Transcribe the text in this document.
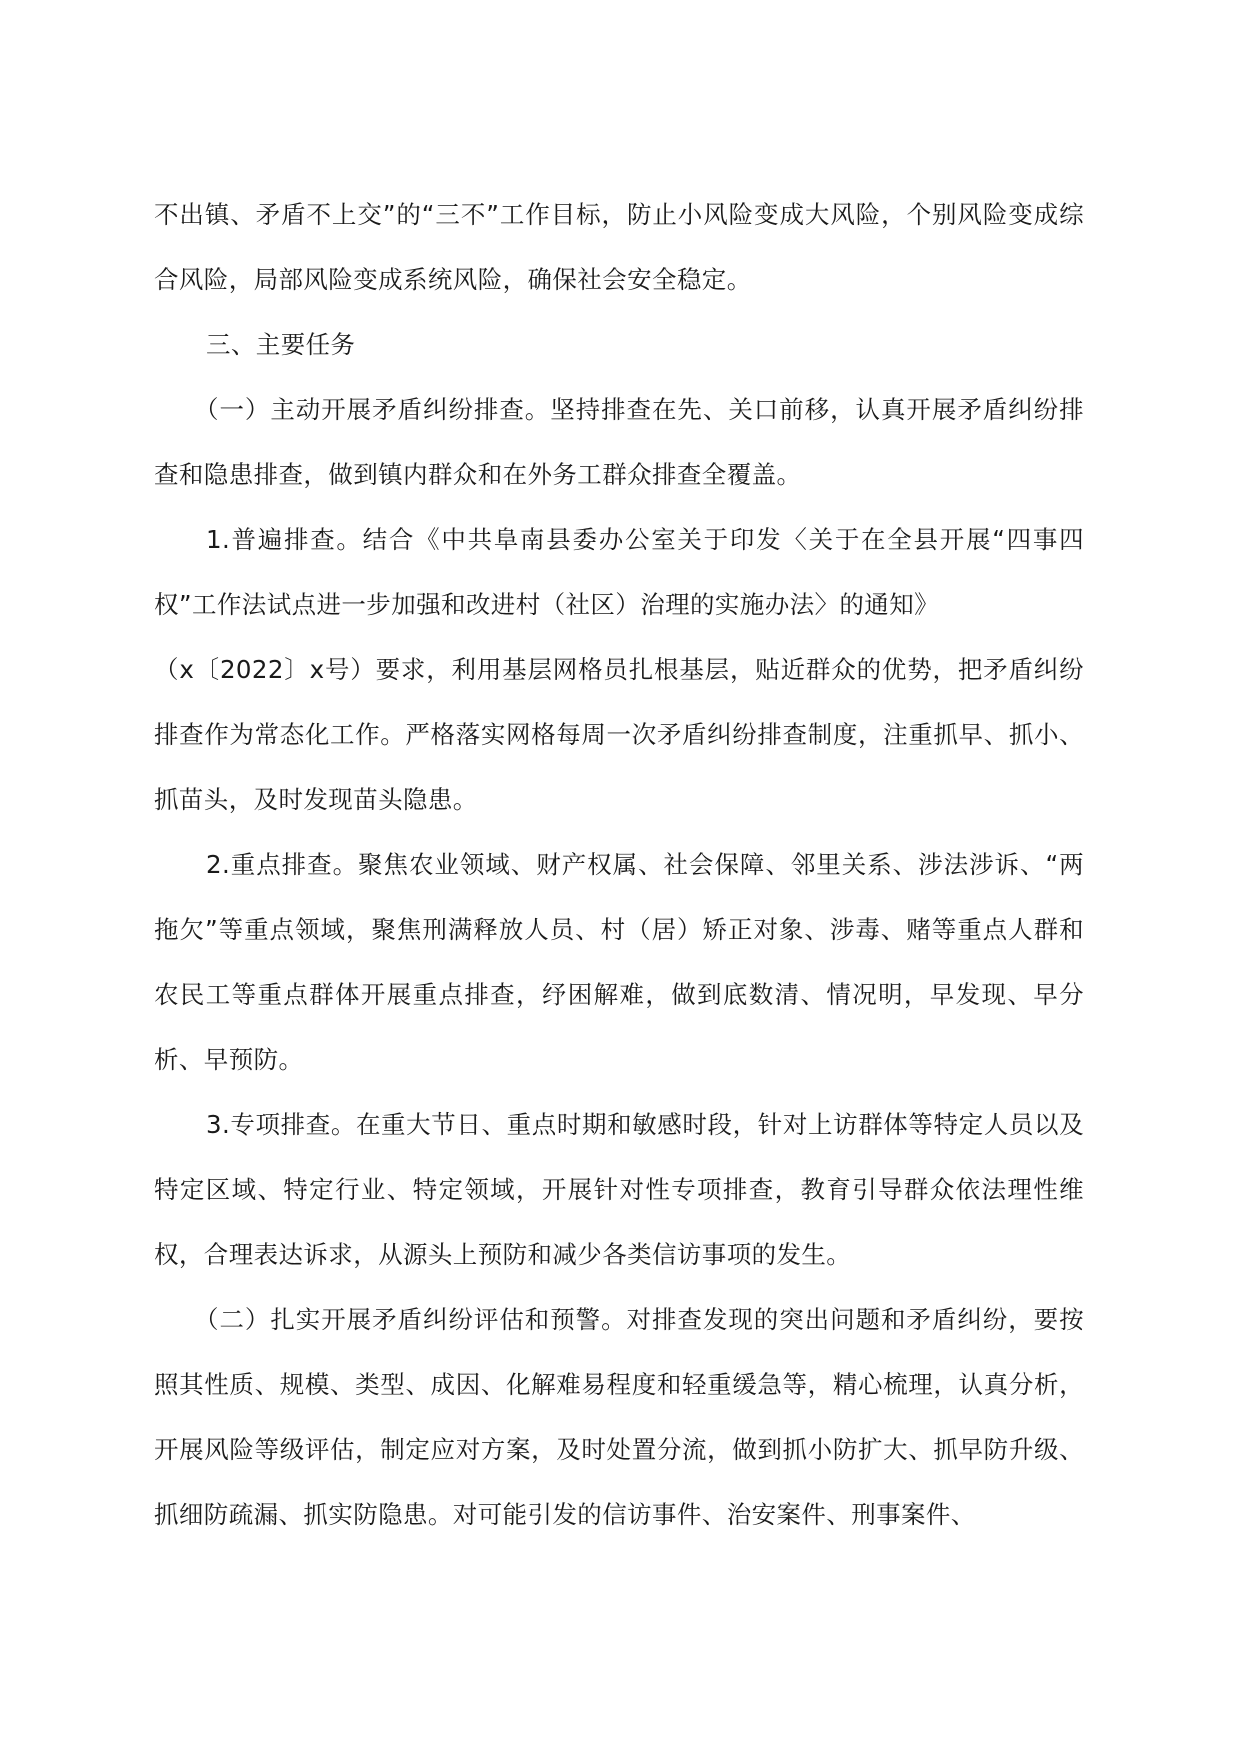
不出镇、矛盾不上交”的“三不”工作目标，防止小风险变成大风险，个别风险变成综合风险，局部风险变成系统风险，确保社会安全稳定。

三、主要任务

（一）主动开展矛盾纠纷排查。坚持排查在先、关口前移，认真开展矛盾纠纷排查和隐患排查，做到镇内群众和在外务工群众排查全覆盖。

1.普遍排查。结合《中共阜南县委办公室关于印发〈关于在全县开展“四事四权”工作法试点进一步加强和改进村（社区）治理的实施办法〉的通知》

（x〔2022〕x号）要求，利用基层网格员扎根基层，贴近群众的优势，把矛盾纠纷排查作为常态化工作。严格落实网格每周一次矛盾纠纷排查制度，注重抓早、抓小、抓苗头，及时发现苗头隐患。

2.重点排查。聚焦农业领域、财产权属、社会保障、邻里关系、涉法涉诉、“两拖欠”等重点领域，聚焦刑满释放人员、村（居）矫正对象、涉毒、赌等重点人群和农民工等重点群体开展重点排查，纾困解难，做到底数清、情况明，早发现、早分析、早预防。

3.专项排查。在重大节日、重点时期和敏感时段，针对上访群体等特定人员以及特定区域、特定行业、特定领域，开展针对性专项排查，教育引导群众依法理性维权，合理表达诉求，从源头上预防和减少各类信访事项的发生。

（二）扎实开展矛盾纠纷评估和预警。对排查发现的突出问题和矛盾纠纷，要按照其性质、规模、类型、成因、化解难易程度和轻重缓急等，精心梳理，认真分析，开展风险等级评估，制定应对方案，及时处置分流，做到抓小防扩大、抓早防升级、抓细防疏漏、抓实防隐患。对可能引发的信访事件、治安案件、刑事案件、
